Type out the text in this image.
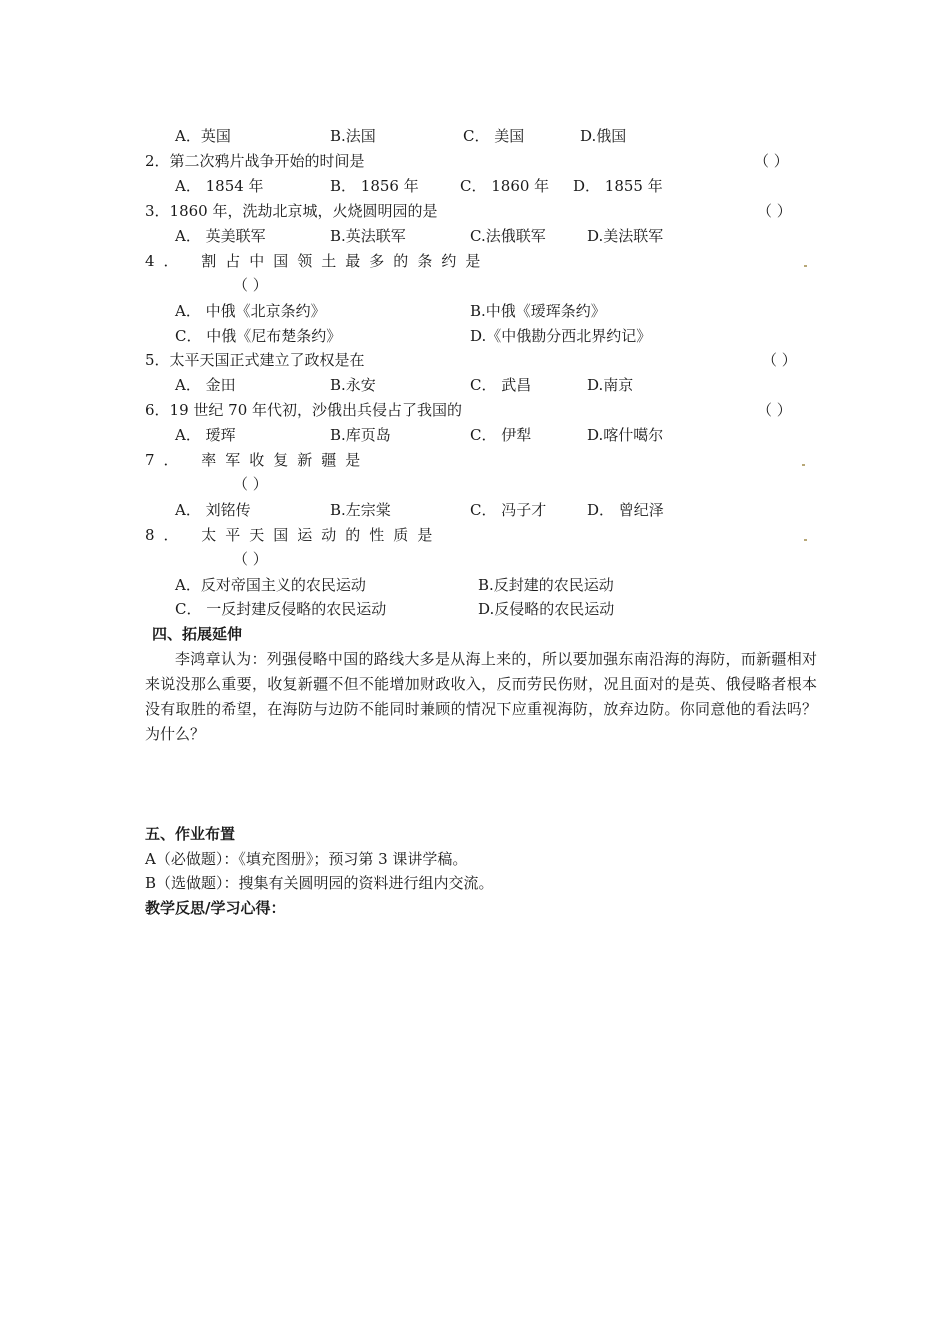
A．英国	B.法国	C． 美国	D.俄国
2．第二次鸦片战争开始的时间是	（ ）
A． 1854 年	B． 1856 年	C． 1860 年 D． 1855 年
3．1860 年，洗劫北京城，火烧圆明园的是	（ ）
A． 英美联军	B.英法联军	C.法俄联军	D.美法联军
4． 割占中国领土最多的条约是
（ ）
A． 中俄《北京条约》	B.中俄《瑷珲条约》
C． 中俄《尼布楚条约》	D.《中俄勘分西北界约记》
5．太平天国正式建立了政权是在	（ ）
A． 金田	B.永安	C． 武昌	D.南京
6．19 世纪 70 年代初，沙俄出兵侵占了我国的	（ ）
A． 瑷珲	B.库页岛	C． 伊犁	D.喀什噶尔
7． 率军收复新疆是
（ ）
A． 刘铭传	B.左宗棠	C． 冯子才	D． 曾纪泽
8． 太平天国运动的性质是
（ ）
A．反对帝国主义的农民运动	B.反封建的农民运动
C． 一反封建反侵略的农民运动	D.反侵略的农民运动
四、拓展延伸
李鸿章认为：列强侵略中国的路线大多是从海上来的，所以要加强东南沿海的海防，而新疆相对来说没那么重要，收复新疆不但不能增加财政收入，反而劳民伤财，况且面对的是英、俄侵略者根本没有取胜的希望，在海防与边防不能同时兼顾的情况下应重视海防，放弃边防。你同意他的看法吗？为什么？
五、作业布置
A（必做题）：《填充图册》；预习第 3 课讲学稿。
B（选做题）：搜集有关圆明园的资料进行组内交流。
教学反思/学习心得：
